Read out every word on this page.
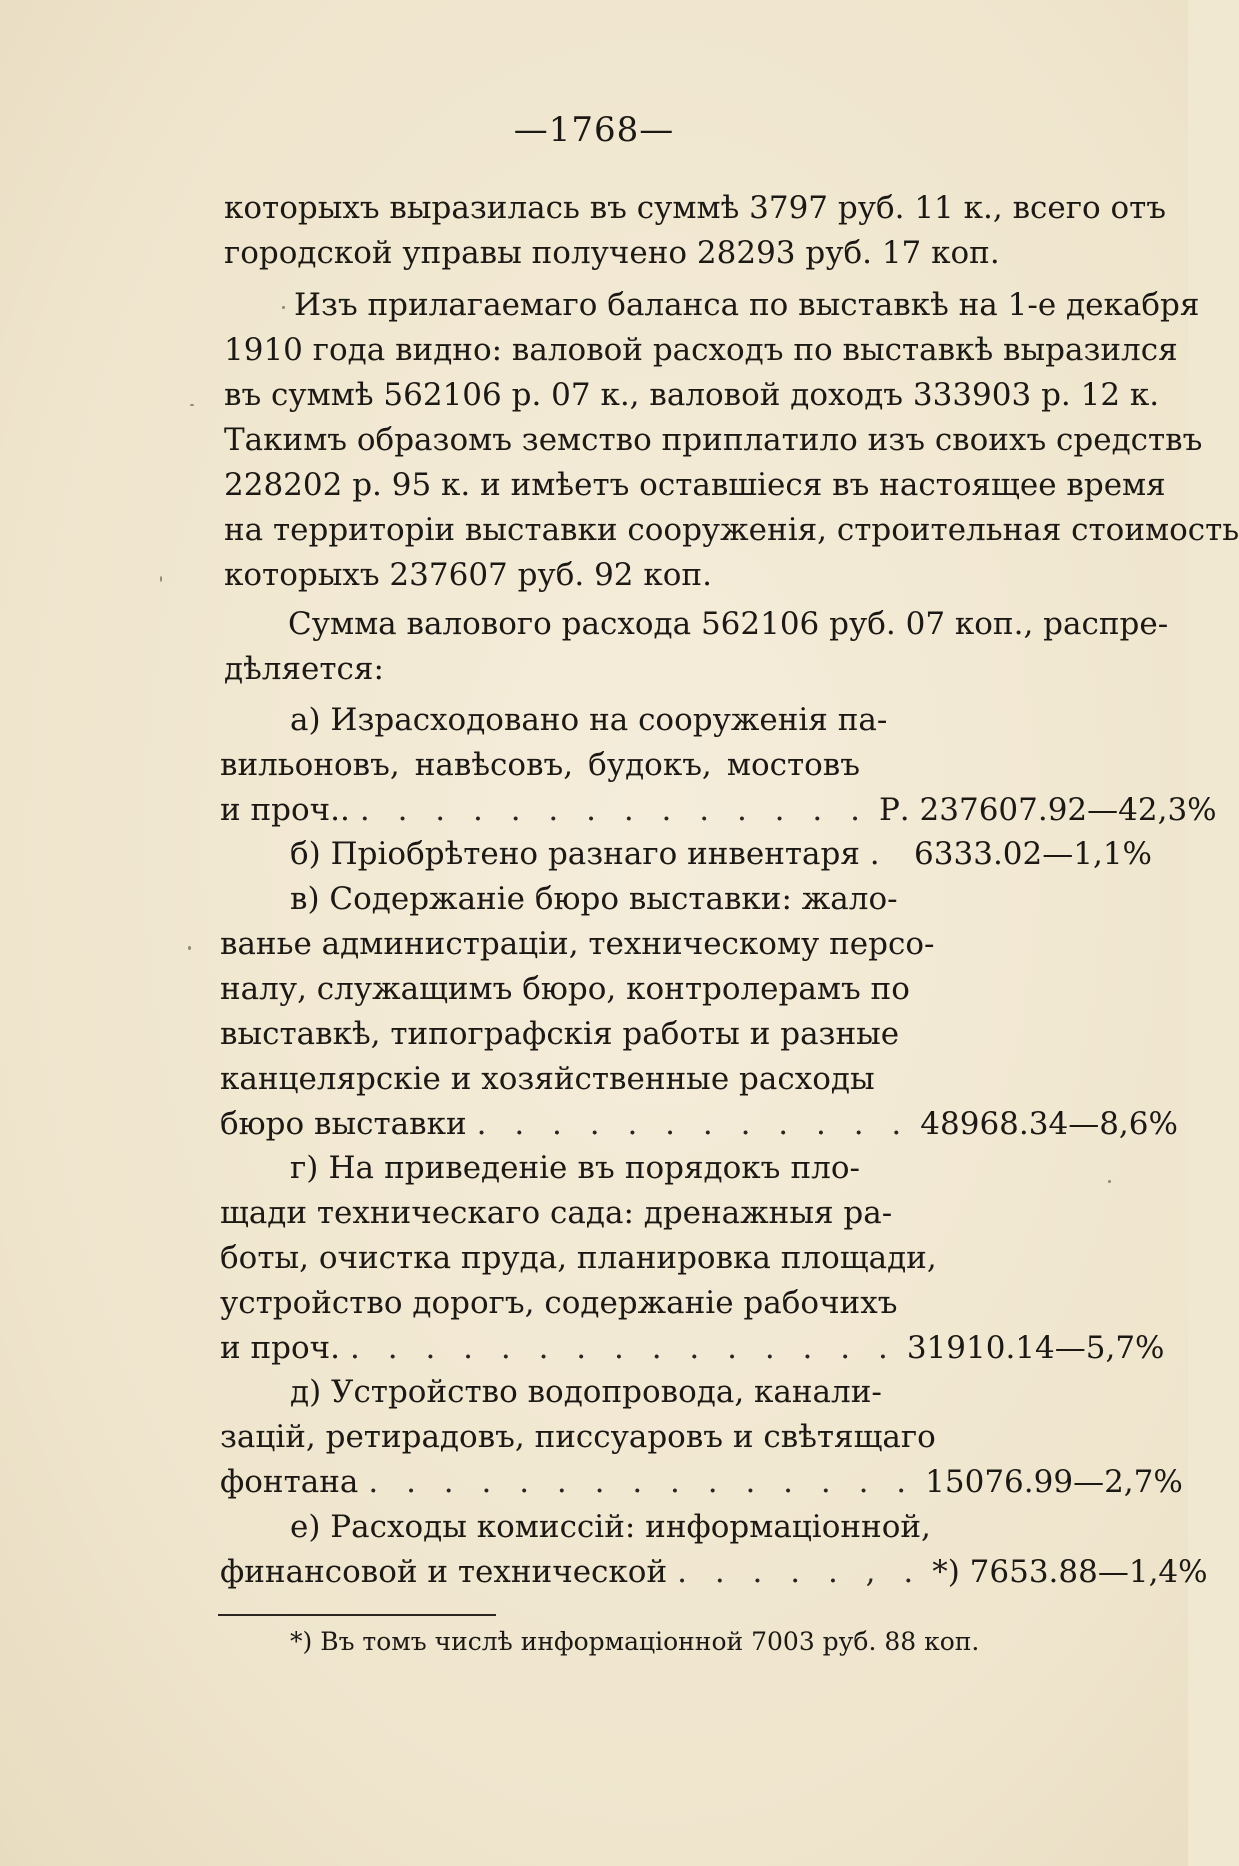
—1768—
которыхъ выразилась въ суммѣ 3797 руб. 11 к., всего отъ
городской управы получено 28293 руб. 17 коп.
Изъ прилагаемаго баланса по выставкѣ на 1-е декабря
1910 года видно: валовой расходъ по выставкѣ выразился
въ суммѣ 562106 р. 07 к., валовой доходъ 333903 р. 12 к.
Такимъ образомъ земство приплатило изъ своихъ средствъ
228202 р. 95 к. и имѣетъ оставшіеся въ настоящее время
на территоріи выставки сооруженія, строительная стоимость
которыхъ 237607 руб. 92 коп.
Сумма валового расхода 562106 руб. 07 коп., распре-
дѣляется:
а) Израсходовано на сооруженія па-
вильоновъ, навѣсовъ, будокъ, мостовъ
и проч.. . . . . . . . . . . . . . . Р. 237607.92—42,3%
б) Пріобрѣтено разнаго инвентаря . 6333.02—1,1%
в) Содержаніе бюро выставки: жало-
ванье администраціи, техническому персо-
налу, служащимъ бюро, контролерамъ по
выставкѣ, типографскія работы и разные
канцелярскіе и хозяйственные расходы
бюро выставки . . . . . . . . . . . . 48968.34—8,6%
г) На приведеніе въ порядокъ пло-
щади техническаго сада: дренажныя ра-
боты, очистка пруда, планировка площади,
устройство дорогъ, содержаніе рабочихъ
и проч. . . . . . . . . . . . . . . . 31910.14—5,7%
д) Устройство водопровода, канали-
зацій, ретирадовъ, писсуаровъ и свѣтящаго
фонтана . . . . . . . . . . . . . . . 15076.99—2,7%
е) Расходы комиссій: информаціонной,
финансовой и технической . . . . . , . *) 7653.88—1,4%
*) Въ томъ числѣ информаціонной 7003 руб. 88 коп.
